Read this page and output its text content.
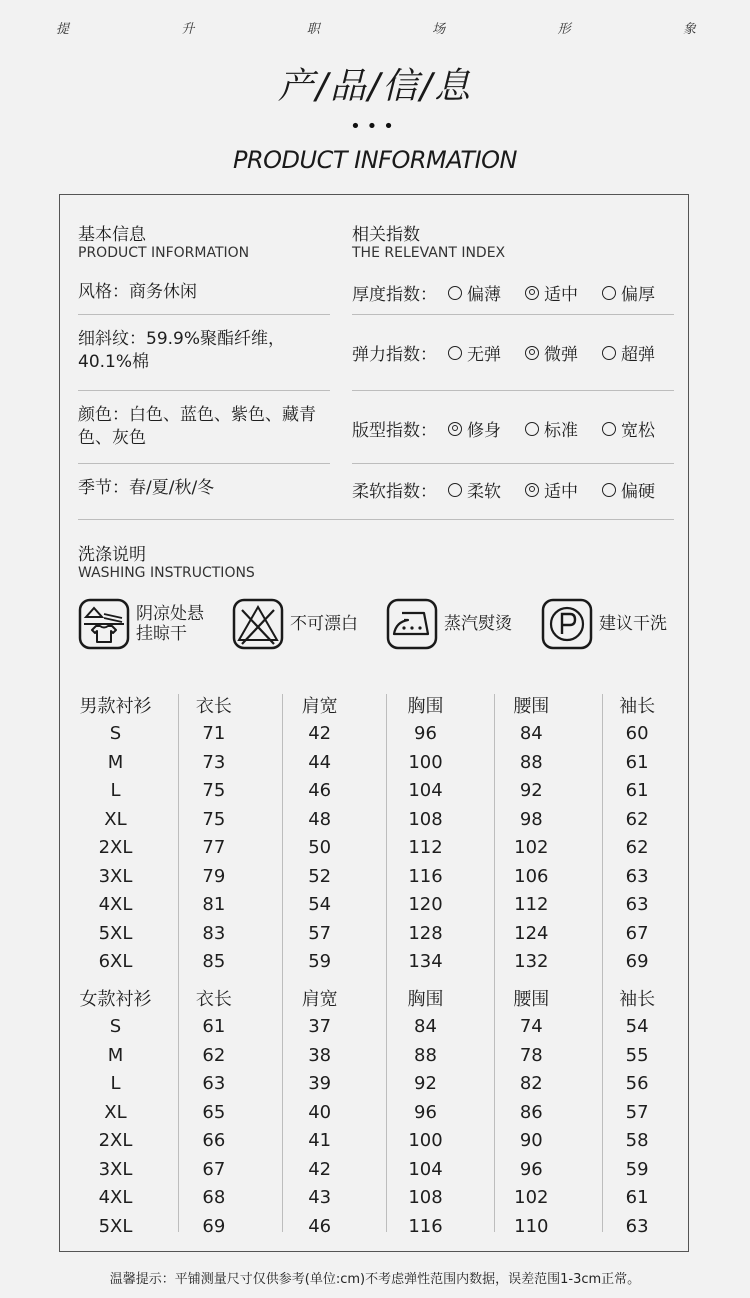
提	升	职	场	形	象
产/品/信/息
•••
PRODUCT INFORMATION
基本信息
PRODUCT INFORMATION
风格：商务休闲
细斜纹：59.9%聚酯纤维，40.1%棉
颜色：白色、蓝色、紫色、藏青色、灰色
季节：春/夏/秋/冬
相关指数
THE RELEVANT INDEX
厚度指数：	偏薄	适中	偏厚
弹力指数：	无弹	微弹	超弹
版型指数：	修身	标准	宽松
柔软指数：	柔软	适中	偏硬
洗涤说明
WASHING INSTRUCTIONS
阴凉处悬挂晾干	不可漂白	蒸汽熨烫	建议干洗
男款衬衫	衣长	肩宽	胸围	腰围	袖长
S	71	42	96	84	60
M	73	44	100	88	61
L	75	46	104	92	61
XL	75	48	108	98	62
2XL	77	50	112	102	62
3XL	79	52	116	106	63
4XL	81	54	120	112	63
5XL	83	57	128	124	67
6XL	85	59	134	132	69
女款衬衫	衣长	肩宽	胸围	腰围	袖长
S	61	37	84	74	54
M	62	38	88	78	55
L	63	39	92	82	56
XL	65	40	96	86	57
2XL	66	41	100	90	58
3XL	67	42	104	96	59
4XL	68	43	108	102	61
5XL	69	46	116	110	63
温馨提示：平铺测量尺寸仅供参考(单位:cm)不考虑弹性范围内数据，误差范围1-3cm正常。
